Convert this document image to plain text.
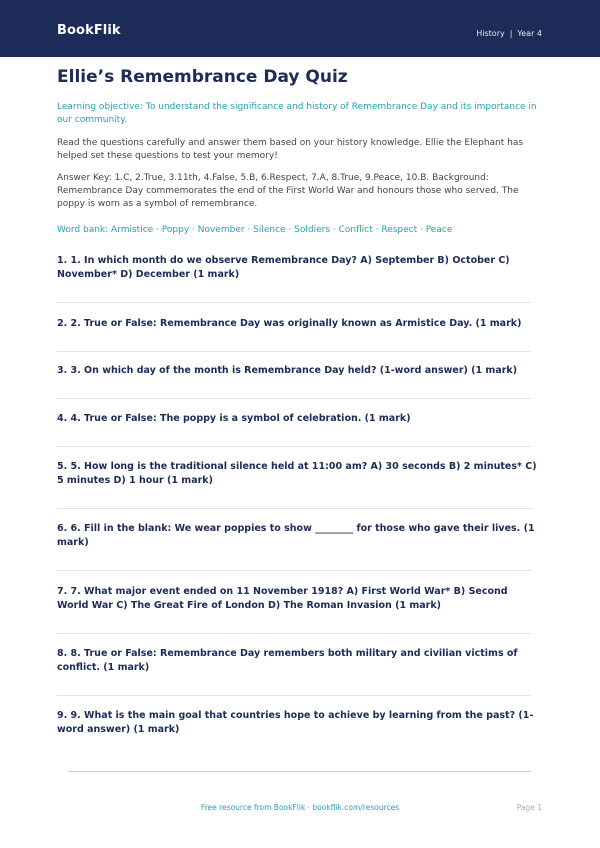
BookFlik	History | Year 4
Ellie’s Remembrance Day Quiz
Learning objective: To understand the significance and history of Remembrance Day and its importance in our community.
Read the questions carefully and answer them based on your history knowledge. Ellie the Elephant has helped set these questions to test your memory!
Answer Key: 1.C, 2.True, 3.11th, 4.False, 5.B, 6.Respect, 7.A, 8.True, 9.Peace, 10.B. Background: Remembrance Day commemorates the end of the First World War and honours those who served. The poppy is worn as a symbol of remembrance.
Word bank: Armistice · Poppy · November · Silence · Soldiers · Conflict · Respect · Peace
1. 1. In which month do we observe Remembrance Day? A) September B) October C) November* D) December (1 mark)
2. 2. True or False: Remembrance Day was originally known as Armistice Day. (1 mark)
3. 3. On which day of the month is Remembrance Day held? (1-word answer) (1 mark)
4. 4. True or False: The poppy is a symbol of celebration. (1 mark)
5. 5. How long is the traditional silence held at 11:00 am? A) 30 seconds B) 2 minutes* C) 5 minutes D) 1 hour (1 mark)
6. 6. Fill in the blank: We wear poppies to show ________ for those who gave their lives. (1 mark)
7. 7. What major event ended on 11 November 1918? A) First World War* B) Second World War C) The Great Fire of London D) The Roman Invasion (1 mark)
8. 8. True or False: Remembrance Day remembers both military and civilian victims of conflict. (1 mark)
9. 9. What is the main goal that countries hope to achieve by learning from the past? (1-word answer) (1 mark)
Free resource from BookFlik · bookflik.com/resources	Page 1
